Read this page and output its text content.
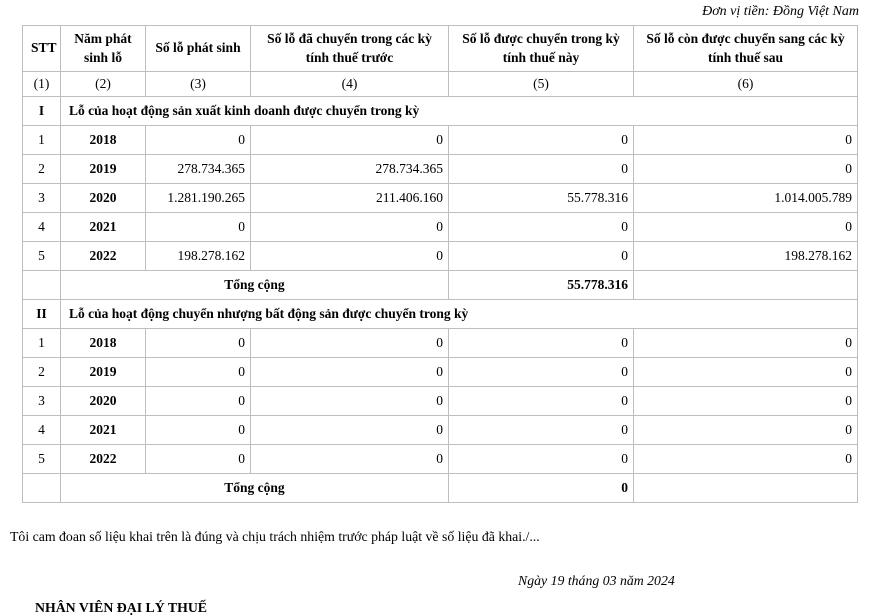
Đơn vị tiền: Đồng Việt Nam
STT	Năm phát sinh lỗ	Số lỗ phát sinh	Số lỗ đã chuyển trong các kỳ tính thuế trước	Số lỗ được chuyển trong kỳ tính thuế này	Số lỗ còn được chuyển sang các kỳ tính thuế sau
(1)	(2)	(3)	(4)	(5)	(6)
I	Lỗ của hoạt động sản xuất kinh doanh được chuyển trong kỳ				
1	2018	0	0	0	0
2	2019	278.734.365	278.734.365	0	0
3	2020	1.281.190.265	211.406.160	55.778.316	1.014.005.789
4	2021	0	0	0	0
5	2022	198.278.162	0	0	198.278.162
	Tổng cộng			55.778.316	
II	Lỗ của hoạt động chuyển nhượng bất động sản được chuyển trong kỳ				
1	2018	0	0	0	0
2	2019	0	0	0	0
3	2020	0	0	0	0
4	2021	0	0	0	0
5	2022	0	0	0	0
	Tổng cộng			0	
Tôi cam đoan số liệu khai trên là đúng và chịu trách nhiệm trước pháp luật về số liệu đã khai./...
Ngày 19 tháng 03 năm 2024
NHÂN VIÊN ĐẠI LÝ THUẾ
